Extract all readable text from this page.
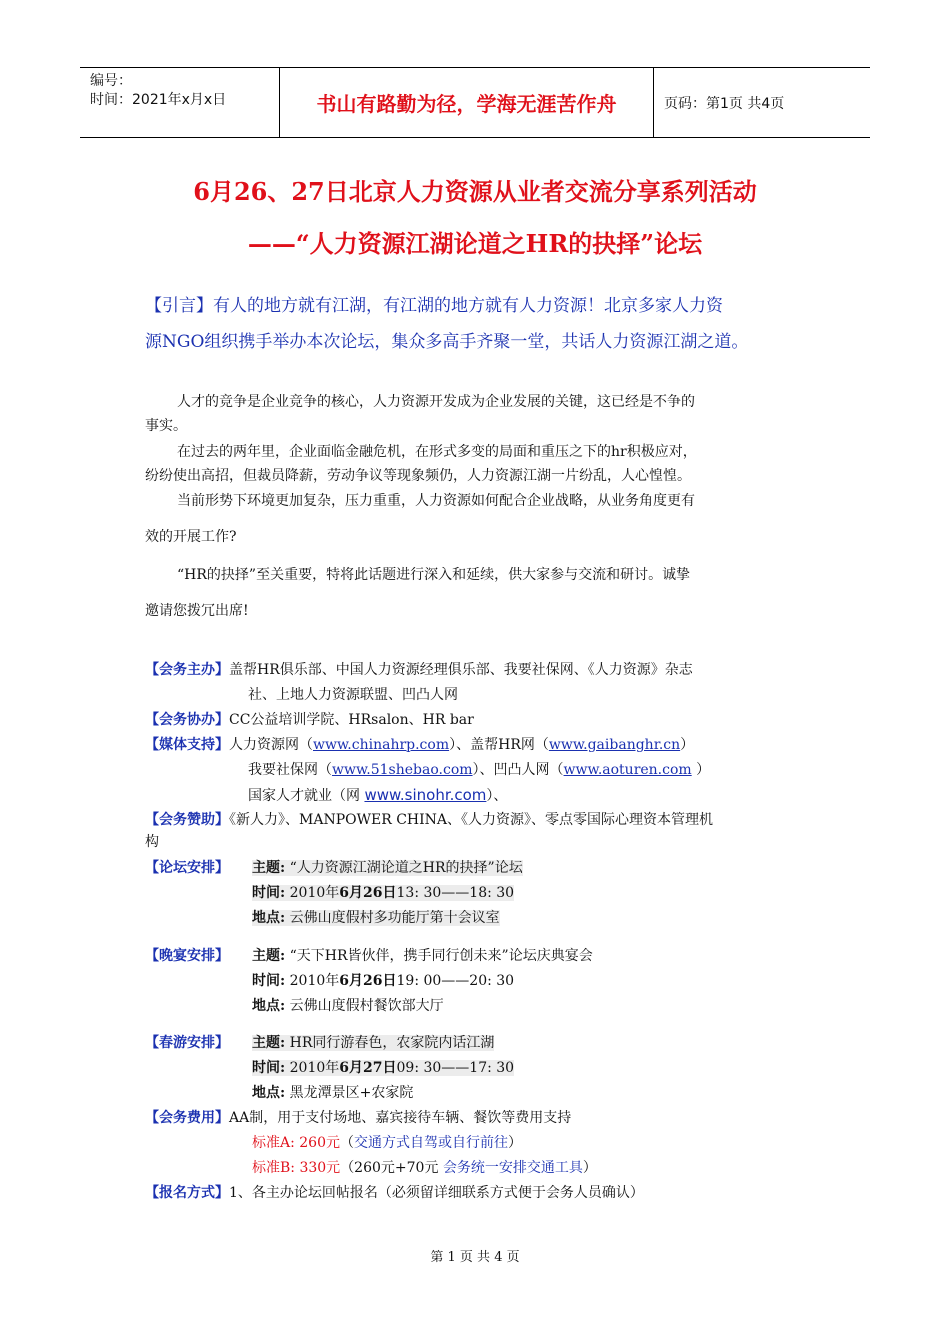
编号：
时间：2021年x月x日	书山有路勤为径，学海无涯苦作舟	页码：第1页 共4页
6月26、27日北京人力资源从业者交流分享系列活动
——“人力资源江湖论道之HR的抉择”论坛
【引言】有人的地方就有江湖，有江湖的地方就有人力资源！北京多家人力资
源NGO组织携手举办本次论坛，集众多高手齐聚一堂，共话人力资源江湖之道。
人才的竞争是企业竞争的核心，人力资源开发成为企业发展的关键，这已经是不争的
事实。
在过去的两年里，企业面临金融危机，在形式多变的局面和重压之下的hr积极应对，
纷纷使出高招，但裁员降薪，劳动争议等现象频仍，人力资源江湖一片纷乱，人心惶惶。
当前形势下环境更加复杂，压力重重，人力资源如何配合企业战略，从业务角度更有
效的开展工作?
“HR的抉择”至关重要，特将此话题进行深入和延续，供大家参与交流和研讨。诚挚
邀请您拨冗出席!
【会务主办】盖帮HR俱乐部、中国人力资源经理俱乐部、我要社保网、《人力资源》杂志
社、上地人力资源联盟、凹凸人网
【会务协办】CC公益培训学院、HRsalon、HR bar
【媒体支持】人力资源网（www.chinahrp.com）、盖帮HR网（www.gaibanghr.cn）
我要社保网（www.51shebao.com）、凹凸人网（www.aoturen.com ）
国家人才就业（网 www.sinohr.com）、
【会务赞助】《新人力》、MANPOWER CHINA、《人力资源》、零点零国际心理资本管理机
构
【论坛安排】 主题: “人力资源江湖论道之HR的抉择”论坛
时间: 2010年6月26日13: 30——18: 30
地点: 云佛山度假村多功能厅第十会议室
【晚宴安排】 主题: “天下HR皆伙伴，携手同行创未来”论坛庆典宴会
时间: 2010年6月26日19: 00——20: 30
地点: 云佛山度假村餐饮部大厅
【春游安排】 主题: HR同行游春色，农家院内话江湖
时间: 2010年6月27日09: 30——17: 30
地点: 黑龙潭景区+农家院
【会务费用】AA制，用于支付场地、嘉宾接待车辆、餐饮等费用支持
标准A: 260元（交通方式自驾或自行前往）
标准B: 330元（260元+70元 会务统一安排交通工具）
【报名方式】1、各主办论坛回帖报名（必须留详细联系方式便于会务人员确认）
第 1 页 共 4 页
